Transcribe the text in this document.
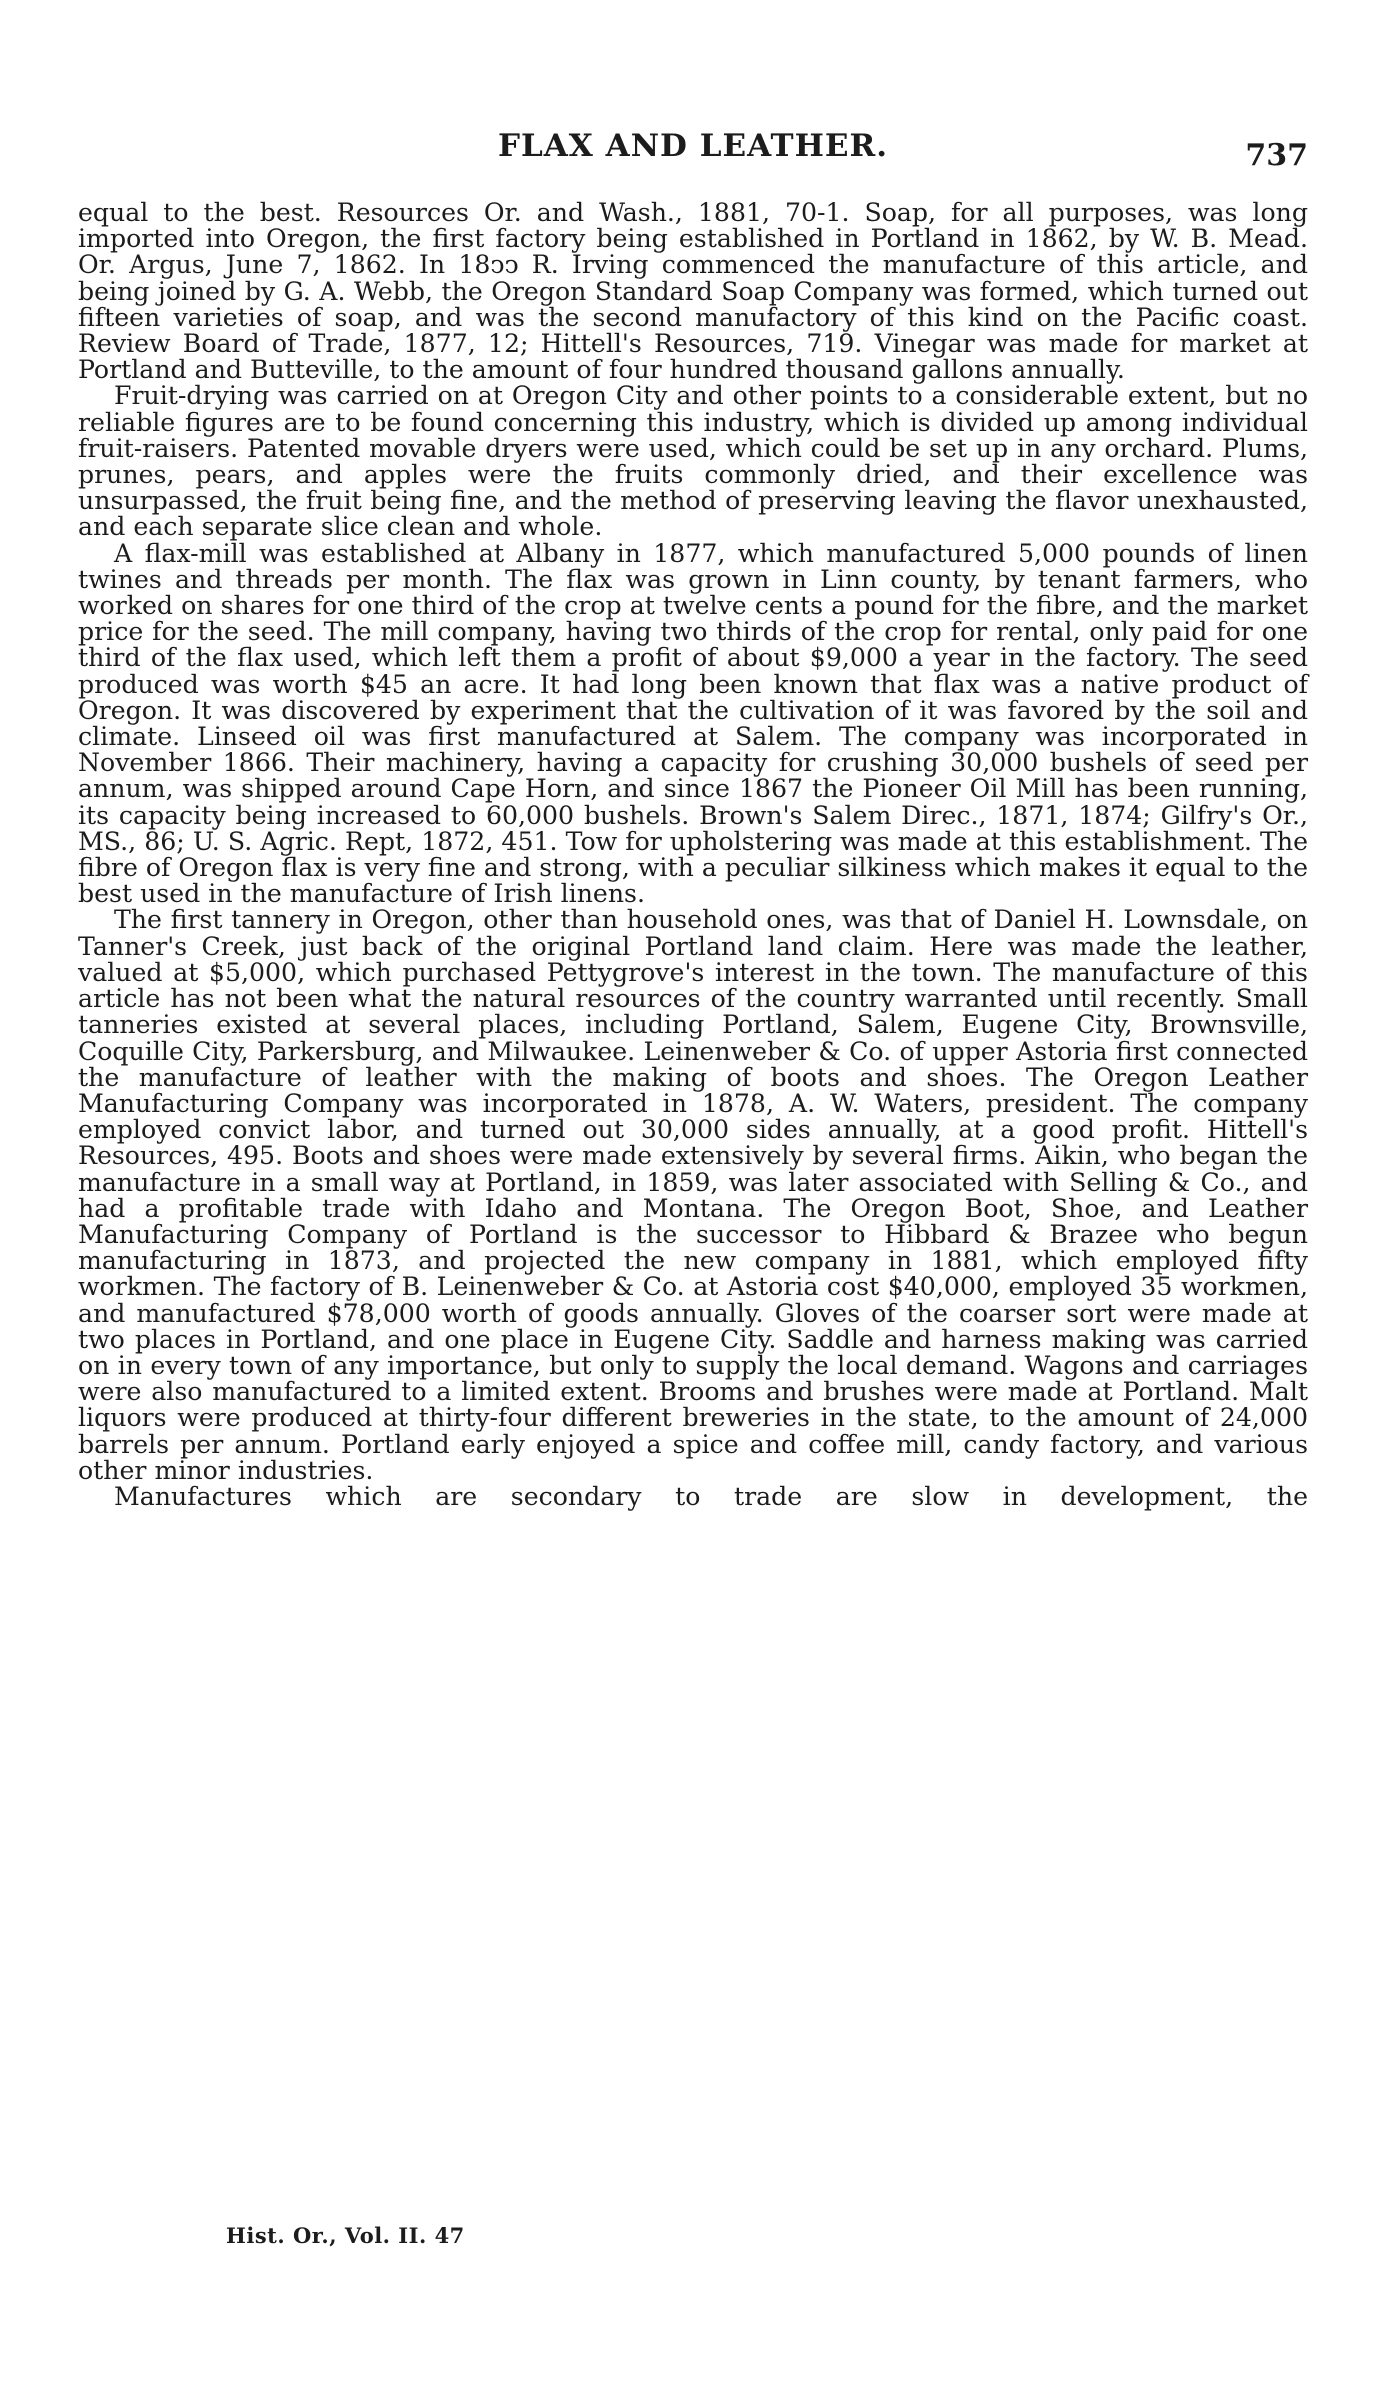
FLAX AND LEATHER.	737

equal to the best. Resources Or. and Wash., 1881, 70-1. Soap, for all purposes, was long imported into Oregon, the first factory being established in Portland in 1862, by W. B. Mead. Or. Argus, June 7, 1862. In 18ↄↄ R. Irving commenced the manufacture of this article, and being joined by G. A. Webb, the Oregon Standard Soap Company was formed, which turned out fifteen varieties of soap, and was the second manufactory of this kind on the Pacific coast. Review Board of Trade, 1877, 12; Hittell's Resources, 719. Vinegar was made for market at Portland and Butteville, to the amount of four hundred thousand gallons annually.

Fruit-drying was carried on at Oregon City and other points to a considerable extent, but no reliable figures are to be found concerning this industry, which is divided up among individual fruit-raisers. Patented movable dryers were used, which could be set up in any orchard. Plums, prunes, pears, and apples were the fruits commonly dried, and their excellence was unsurpassed, the fruit being fine, and the method of preserving leaving the flavor unexhausted, and each separate slice clean and whole.

A flax-mill was established at Albany in 1877, which manufactured 5,000 pounds of linen twines and threads per month. The flax was grown in Linn county, by tenant farmers, who worked on shares for one third of the crop at twelve cents a pound for the fibre, and the market price for the seed. The mill company, having two thirds of the crop for rental, only paid for one third of the flax used, which left them a profit of about $9,000 a year in the factory. The seed produced was worth $45 an acre. It had long been known that flax was a native product of Oregon. It was discovered by experiment that the cultivation of it was favored by the soil and climate. Linseed oil was first manufactured at Salem. The company was incorporated in November 1866. Their machinery, having a capacity for crushing 30,000 bushels of seed per annum, was shipped around Cape Horn, and since 1867 the Pioneer Oil Mill has been running, its capacity being increased to 60,000 bushels. Brown's Salem Direc., 1871, 1874; Gilfry's Or., MS., 86; U. S. Agric. Rept, 1872, 451. Tow for upholstering was made at this establishment. The fibre of Oregon flax is very fine and strong, with a peculiar silkiness which makes it equal to the best used in the manufacture of Irish linens.

The first tannery in Oregon, other than household ones, was that of Daniel H. Lownsdale, on Tanner's Creek, just back of the original Portland land claim. Here was made the leather, valued at $5,000, which purchased Pettygrove's interest in the town. The manufacture of this article has not been what the natural resources of the country warranted until recently. Small tanneries existed at several places, including Portland, Salem, Eugene City, Brownsville, Coquille City, Parkersburg, and Milwaukee. Leinenweber & Co. of upper Astoria first connected the manufacture of leather with the making of boots and shoes. The Oregon Leather Manufacturing Company was incorporated in 1878, A. W. Waters, president. The company employed convict labor, and turned out 30,000 sides annually, at a good profit. Hittell's Resources, 495. Boots and shoes were made extensively by several firms. Aikin, who began the manufacture in a small way at Portland, in 1859, was later associated with Selling & Co., and had a profitable trade with Idaho and Montana. The Oregon Boot, Shoe, and Leather Manufacturing Company of Portland is the successor to Hibbard & Brazee who begun manufacturing in 1873, and projected the new company in 1881, which employed fifty workmen. The factory of B. Leinenweber & Co. at Astoria cost $40,000, employed 35 workmen, and manufactured $78,000 worth of goods annually. Gloves of the coarser sort were made at two places in Portland, and one place in Eugene City. Saddle and harness making was carried on in every town of any importance, but only to supply the local demand. Wagons and carriages were also manufactured to a limited extent. Brooms and brushes were made at Portland. Malt liquors were produced at thirty-four different breweries in the state, to the amount of 24,000 barrels per annum. Portland early enjoyed a spice and coffee mill, candy factory, and various other minor industries.

Manufactures which are secondary to trade are slow in development, the

Hist. Or., Vol. II. 47
